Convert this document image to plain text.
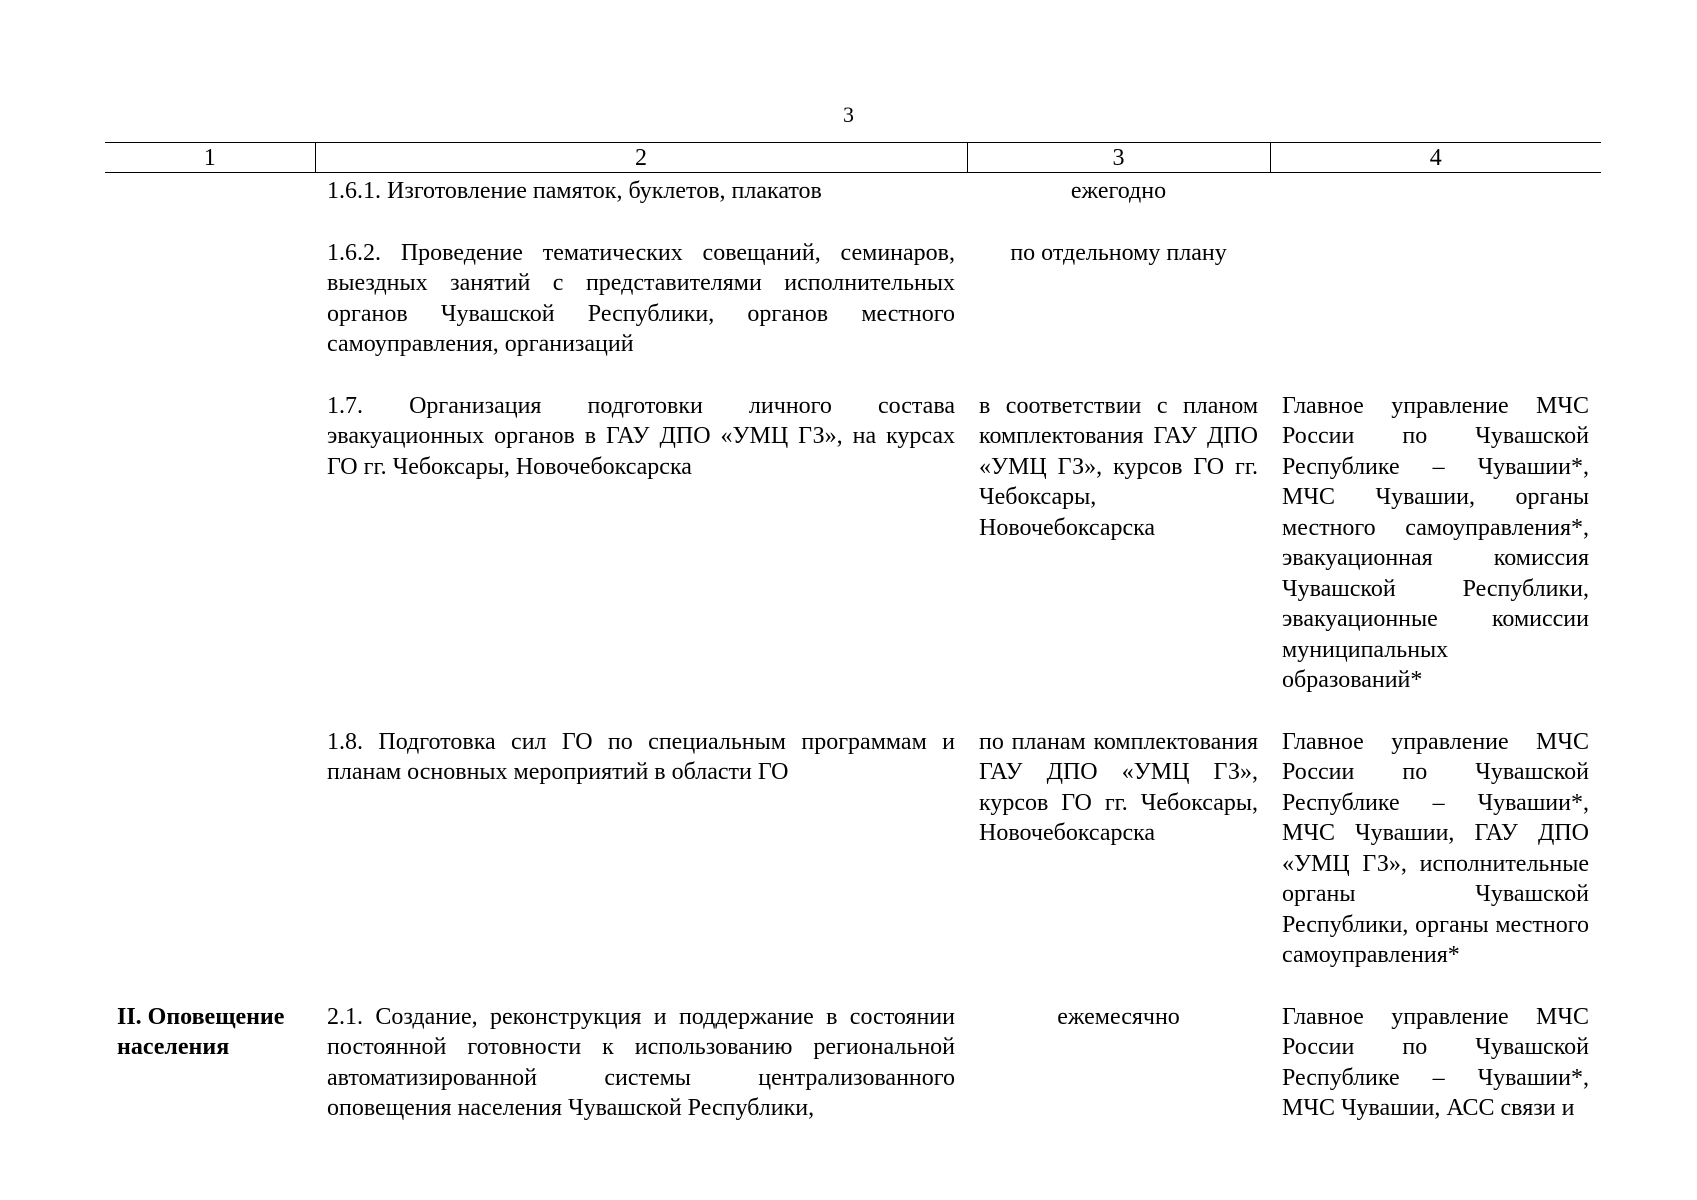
3
1	2	3	4
	1.6.1. Изготовление памяток, буклетов, плакатов	ежегодно	
	1.6.2. Проведение тематических совещаний, семинаров, выездных занятий с представителями исполнительных органов Чувашской Республики, органов местного самоуправления, организаций	по отдельному плану	
	1.7. Организация подготовки личного состава эвакуационных органов в ГАУ ДПО «УМЦ ГЗ», на курсах ГО гг. Чебоксары, Новочебоксарска	в соответствии с планом комплектования ГАУ ДПО «УМЦ ГЗ», курсов ГО гг. Чебоксары, Новочебоксарска	Главное управление МЧС России по Чувашской Республике – Чувашии*, МЧС Чувашии, органы местного самоуправления*, эвакуационная комиссия Чувашской Республики, эвакуационные комиссии муниципальных образований*
	1.8. Подготовка сил ГО по специальным программам и планам основных мероприятий в области ГО	по планам комплектования ГАУ ДПО «УМЦ ГЗ», курсов ГО гг. Чебоксары, Новочебоксарска	Главное управление МЧС России по Чувашской Республике – Чувашии*, МЧС Чувашии, ГАУ ДПО «УМЦ ГЗ», исполнительные органы Чувашской Республики, органы местного самоуправления*
II. Оповещение населения	2.1. Создание, реконструкция и поддержание в состоянии постоянной готовности к использованию региональной автоматизированной системы централизованного оповещения населения Чувашской Республики,	ежемесячно	Главное управление МЧС России по Чувашской Республике – Чувашии*, МЧС Чувашии, АСС связи и
